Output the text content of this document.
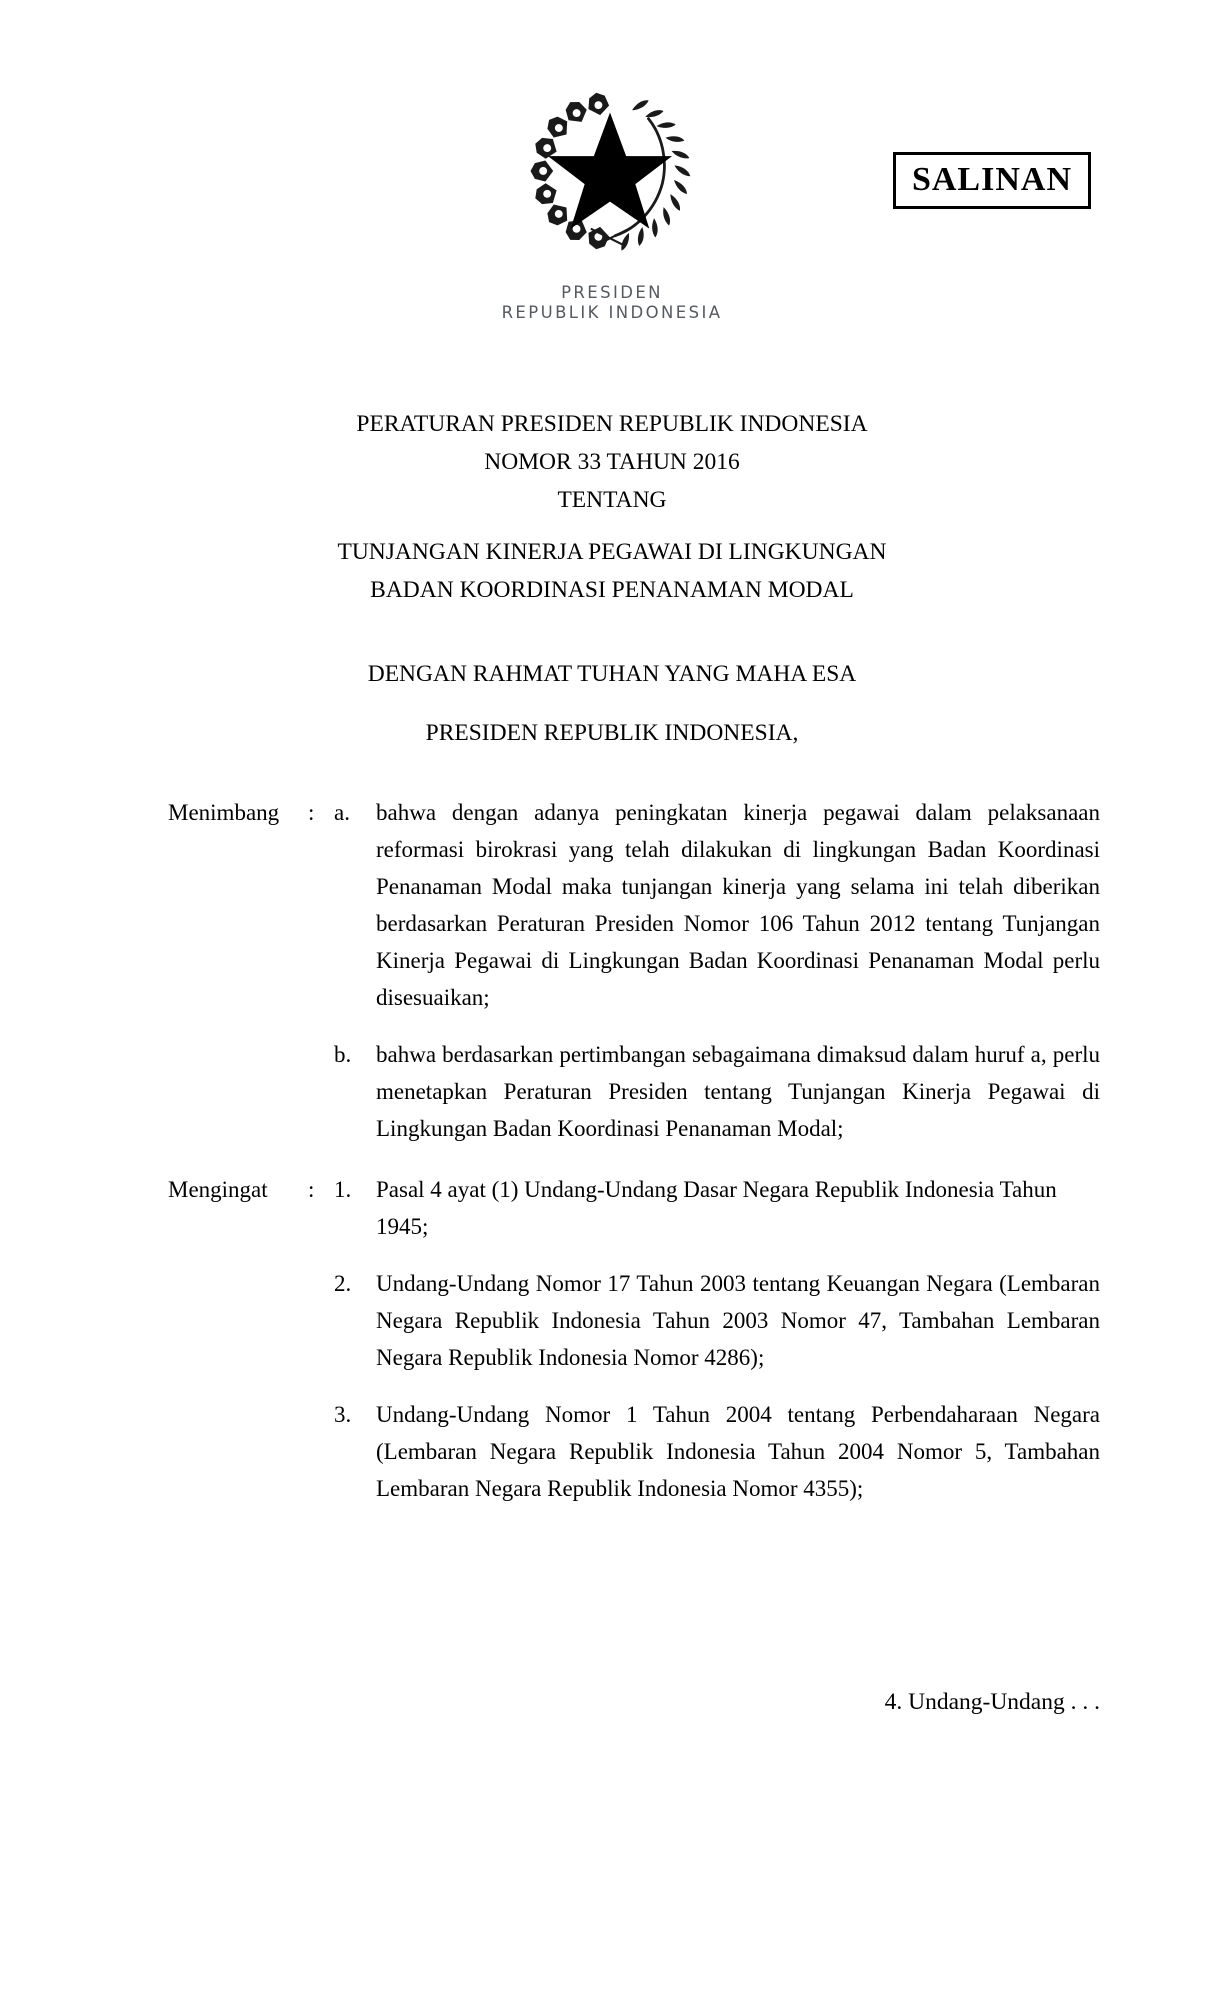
PRESIDEN
REPUBLIK INDONESIA
SALINAN
PERATURAN PRESIDEN REPUBLIK INDONESIA
NOMOR 33 TAHUN 2016
TENTANG
TUNJANGAN KINERJA PEGAWAI DI LINGKUNGAN
BADAN KOORDINASI PENANAMAN MODAL
DENGAN RAHMAT TUHAN YANG MAHA ESA
PRESIDEN REPUBLIK INDONESIA,
Menimbang	: a.	bahwa dengan adanya peningkatan kinerja pegawai dalam pelaksanaan reformasi birokrasi yang telah dilakukan di lingkungan Badan Koordinasi Penanaman Modal maka tunjangan kinerja yang selama ini telah diberikan berdasarkan Peraturan Presiden Nomor 106 Tahun 2012 tentang Tunjangan Kinerja Pegawai di Lingkungan Badan Koordinasi Penanaman Modal perlu disesuaikan;
b.	bahwa berdasarkan pertimbangan sebagaimana dimaksud dalam huruf a, perlu menetapkan Peraturan Presiden tentang Tunjangan Kinerja Pegawai di Lingkungan Badan Koordinasi Penanaman Modal;
Mengingat	: 1.	Pasal 4 ayat (1) Undang-Undang Dasar Negara Republik Indonesia Tahun 1945;
2.	Undang-Undang Nomor 17 Tahun 2003 tentang Keuangan Negara (Lembaran Negara Republik Indonesia Tahun 2003 Nomor 47, Tambahan Lembaran Negara Republik Indonesia Nomor 4286);
3.	Undang-Undang Nomor 1 Tahun 2004 tentang Perbendaharaan Negara (Lembaran Negara Republik Indonesia Tahun 2004 Nomor 5, Tambahan Lembaran Negara Republik Indonesia Nomor 4355);
4. Undang-Undang . . .
